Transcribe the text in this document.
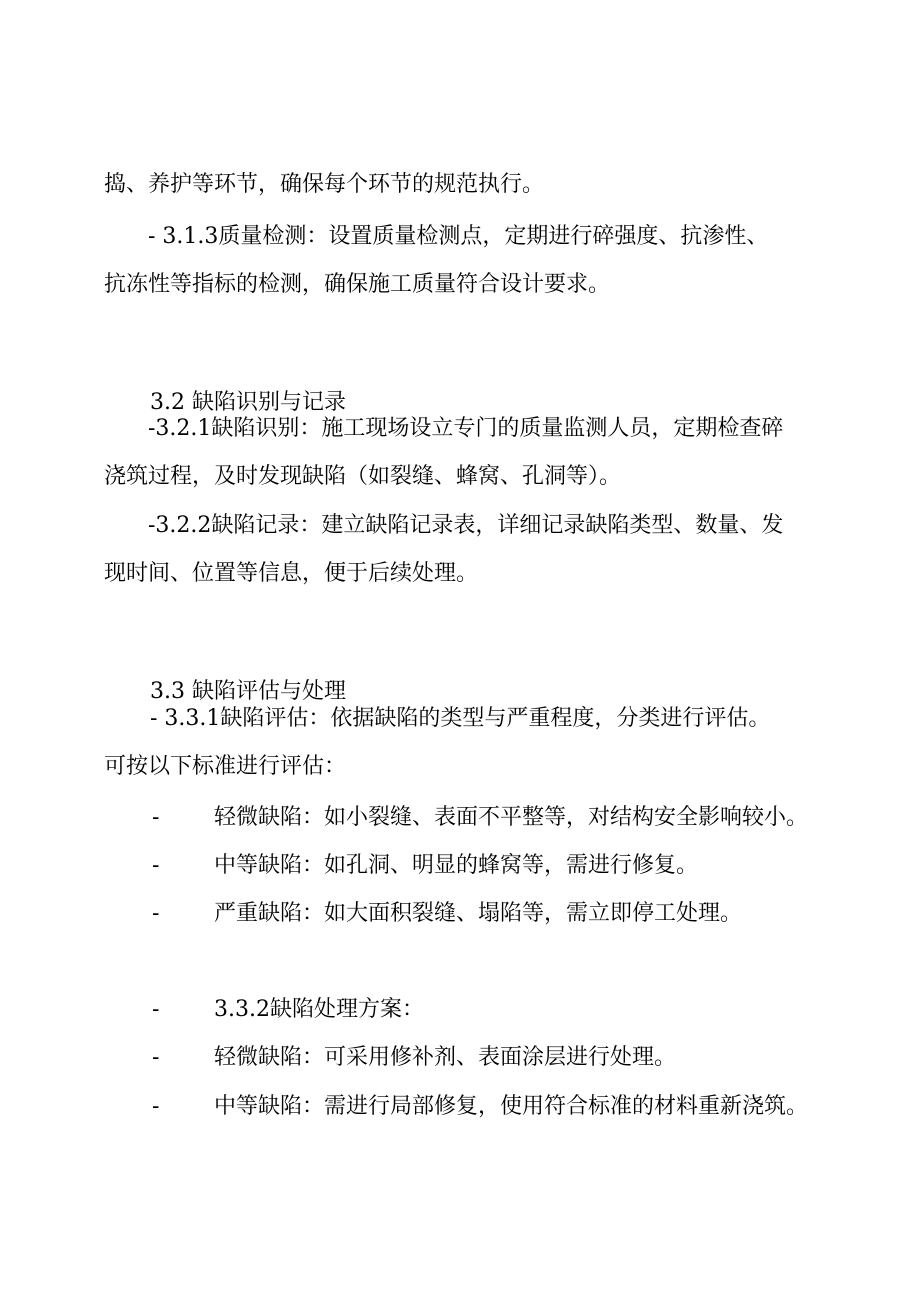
捣、养护等环节，确保每个环节的规范执行。

- 3.1.3质量检测：设置质量检测点，定期进行碎强度、抗渗性、

抗冻性等指标的检测，确保施工质量符合设计要求。

3.2 缺陷识别与记录

-3.2.1缺陷识别：施工现场设立专门的质量监测人员，定期检查碎

浇筑过程，及时发现缺陷（如裂缝、蜂窝、孔洞等）。

-3.2.2缺陷记录：建立缺陷记录表，详细记录缺陷类型、数量、发

现时间、位置等信息，便于后续处理。

3.3 缺陷评估与处理

- 3.3.1缺陷评估：依据缺陷的类型与严重程度，分类进行评估。

可按以下标准进行评估：

- 轻微缺陷：如小裂缝、表面不平整等，对结构安全影响较小。
- 中等缺陷：如孔洞、明显的蜂窝等，需进行修复。
- 严重缺陷：如大面积裂缝、塌陷等，需立即停工处理。
- 3.3.2缺陷处理方案：
- 轻微缺陷：可采用修补剂、表面涂层进行处理。
- 中等缺陷：需进行局部修复，使用符合标准的材料重新浇筑。
